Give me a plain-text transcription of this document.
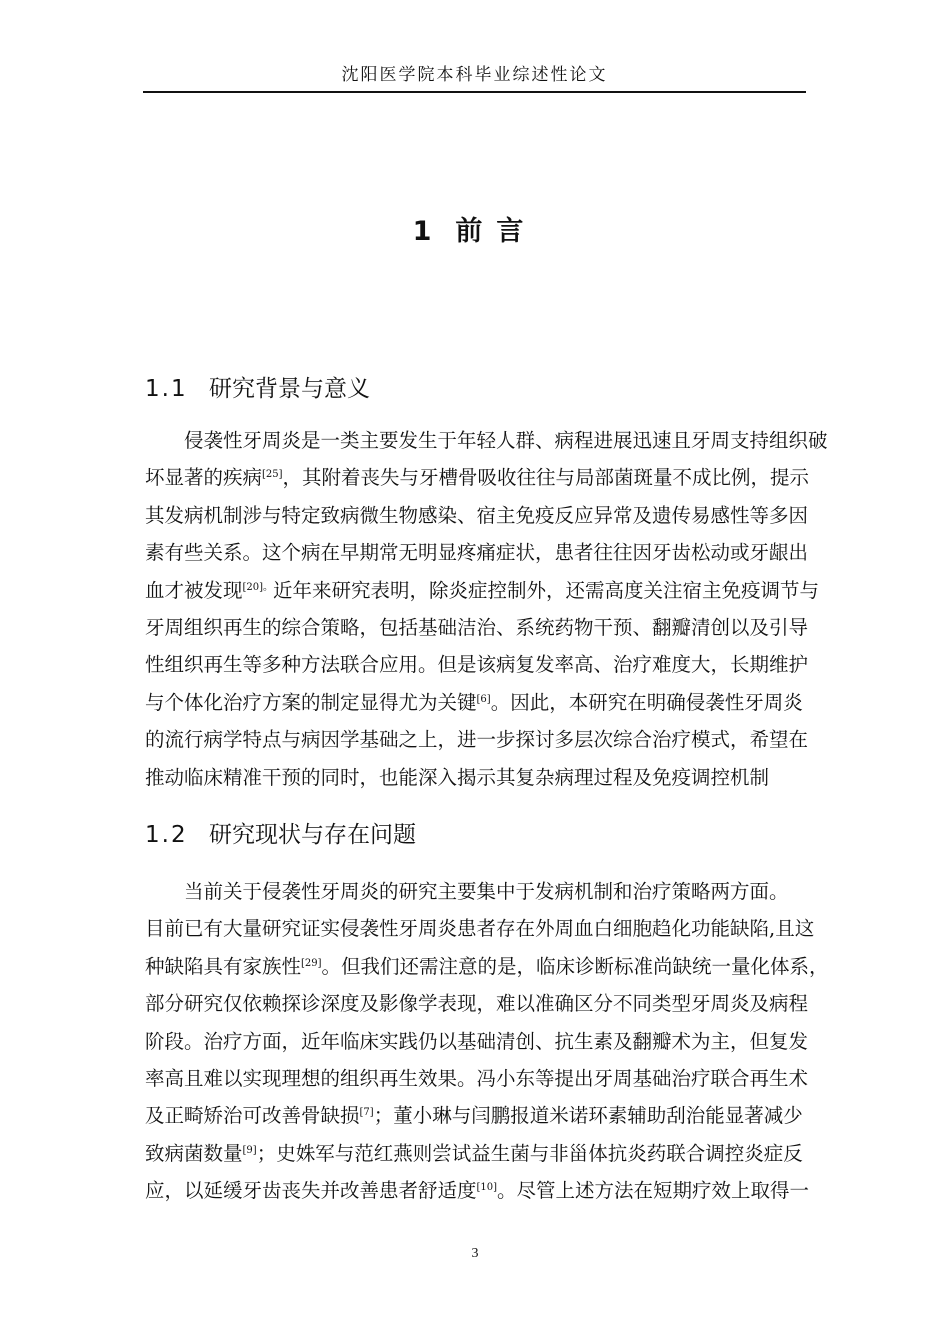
沈阳医学院本科毕业综述性论文
1 前言
1.1 研究背景与意义
　　侵袭性牙周炎是一类主要发生于年轻人群、病程进展迅速且牙周支持组织破
坏显著的疾病[25]，其附着丧失与牙槽骨吸收往往与局部菌斑量不成比例，提示
其发病机制涉与特定致病微生物感染、宿主免疫反应异常及遗传易感性等多因
素有些关系。这个病在早期常无明显疼痛症状，患者往往因牙齿松动或牙龈出
血才被发现$^{[20]。}$近年来研究表明，除炎症控制外，还需高度关注宿主免疫调节与
牙周组织再生的综合策略，包括基础洁治、系统药物干预、翻瓣清创以及引导
性组织再生等多种方法联合应用。但是该病复发率高、治疗难度大，长期维护
与个体化治疗方案的制定显得尤为关键[6]。因此，本研究在明确侵袭性牙周炎
的流行病学特点与病因学基础之上，进一步探讨多层次综合治疗模式，希望在
推动临床精准干预的同时，也能深入揭示其复杂病理过程及免疫调控机制
1.2 研究现状与存在问题
　　当前关于侵袭性牙周炎的研究主要集中于发病机制和治疗策略两方面。
目前已有大量研究证实侵袭性牙周炎患者存在外周血白细胞趋化功能缺陷,且这
种缺陷具有家族性[29]。但我们还需注意的是，临床诊断标准尚缺统一量化体系，
部分研究仅依赖探诊深度及影像学表现，难以准确区分不同类型牙周炎及病程
阶段。治疗方面，近年临床实践仍以基础清创、抗生素及翻瓣术为主，但复发
率高且难以实现理想的组织再生效果。冯小东等提出牙周基础治疗联合再生术
及正畸矫治可改善骨缺损[7]；董小琳与闫鹏报道米诺环素辅助刮治能显著减少
致病菌数量[9]；史姝军与范红燕则尝试益生菌与非甾体抗炎药联合调控炎症反
应，以延缓牙齿丧失并改善患者舒适度[10]。尽管上述方法在短期疗效上取得一
3
